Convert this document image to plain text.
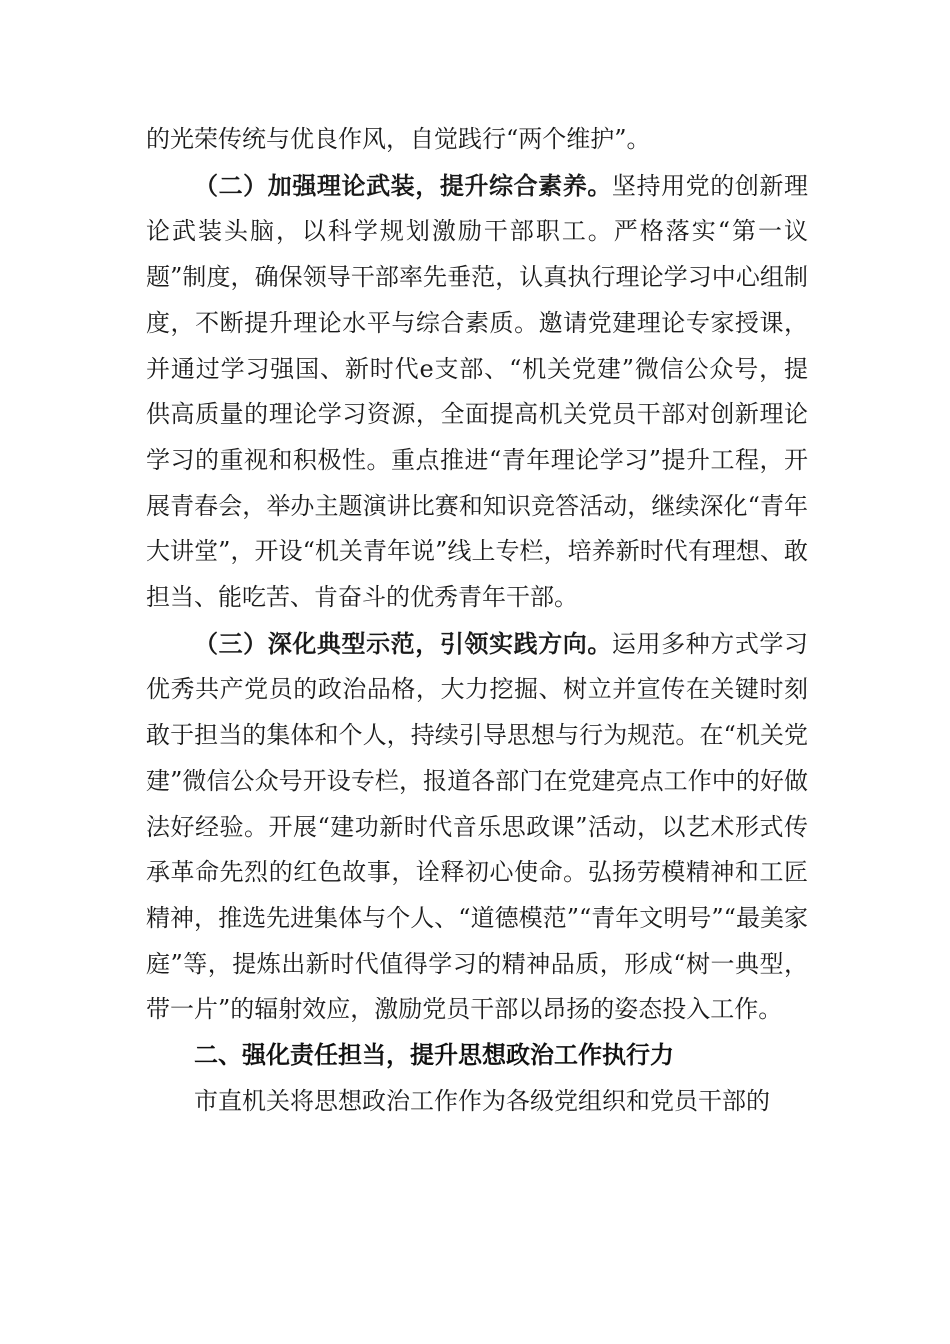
的光荣传统与优良作风，自觉践行“两个维护”。

（二）加强理论武装，提升综合素养。坚持用党的创新理论武装头脑，以科学规划激励干部职工。严格落实“第一议题”制度，确保领导干部率先垂范，认真执行理论学习中心组制度，不断提升理论水平与综合素质。邀请党建理论专家授课，并通过学习强国、新时代e支部、“机关党建”微信公众号，提供高质量的理论学习资源，全面提高机关党员干部对创新理论学习的重视和积极性。重点推进“青年理论学习”提升工程，开展青春会，举办主题演讲比赛和知识竞答活动，继续深化“青年大讲堂”，开设“机关青年说”线上专栏，培养新时代有理想、敢担当、能吃苦、肯奋斗的优秀青年干部。

（三）深化典型示范，引领实践方向。运用多种方式学习优秀共产党员的政治品格，大力挖掘、树立并宣传在关键时刻敢于担当的集体和个人，持续引导思想与行为规范。在“机关党建”微信公众号开设专栏，报道各部门在党建亮点工作中的好做法好经验。开展“建功新时代音乐思政课”活动，以艺术形式传承革命先烈的红色故事，诠释初心使命。弘扬劳模精神和工匠精神，推选先进集体与个人、“道德模范”“青年文明号”“最美家庭”等，提炼出新时代值得学习的精神品质，形成“树一典型，带一片”的辐射效应，激励党员干部以昂扬的姿态投入工作。

二、强化责任担当，提升思想政治工作执行力

市直机关将思想政治工作作为各级党组织和党员干部的
